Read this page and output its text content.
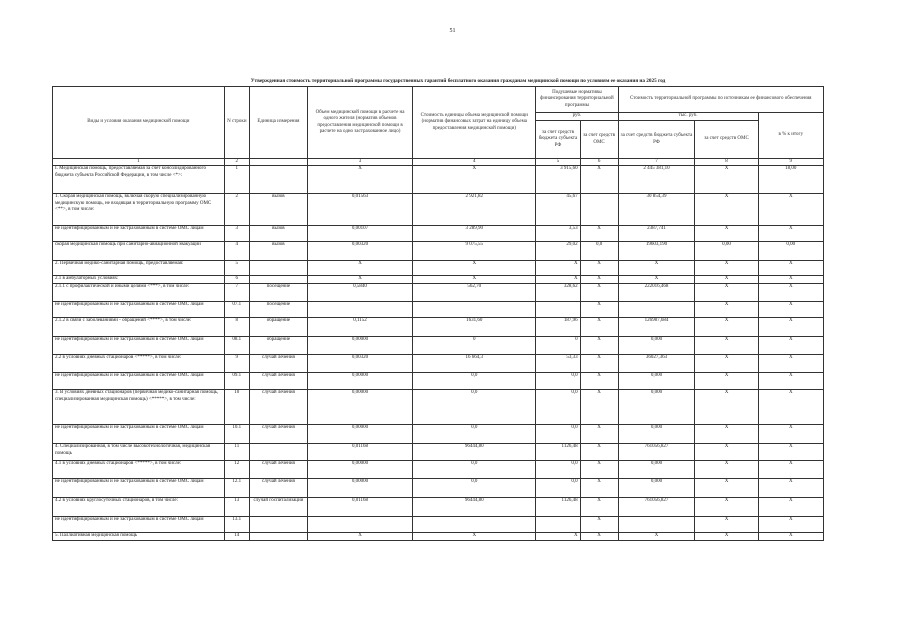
51
Утвержденная стоимость территориальной программы государственных гарантий бесплатного оказания гражданам медицинской помощи по условиям ее оказания на 2025 год
Виды и условия оказания медицинской помощи	N строки	Единица измерения	Объем медицинской помощи в расчете на одного жителя (норматив объемов предоставления медицинской помощи в расчете на одно застрахованное лицо)	Стоимость единицы объема медицинской помощи (норматив финансовых затрат на единицу объема предоставления медицинской помощи)	Подушевые нормативы финансирования территориальной программы		Стоимость территориальной программы по источникам ее финансового обеспечения		
					руб.		тыс. руб.		в % к итогу
					за счет средств бюджета субъекта РФ	за счет средств ОМС	за счет средств бюджета субъекта РФ	за счет средств ОМС	
1	2		3	4	5	6	7	8	9
I. Медицинская помощь, предоставляемая за счет консолидированного бюджета субъекта Российской Федерации, в том числе <*>:	1		X	X	3 915,60	X	2 445 381,10	X	18,00
1. Скорая медицинская помощь, включая скорую специализированную медицинскую помощь, не входящая в территориальную программу ОМС <**>, в том числе:	2	вызов	0,01563	2 921,82	45,67		30 854,39	X	X
не идентифицированным и не застрахованным в системе ОМС лицам	3	вызов	0,00107	3 289,90	3,53	X	2387,741	X	X
скорая медицинская помощь при санитарно-авиационной эвакуации	4	вызов	0,00320	9 075,55	29,02	0,0	19603,190	0,00	0,00
2. Первичная медико-санитарная помощь, предоставляемая:	5		X	X	X	X	X	X	X
2.1 в амбулаторных условиях:	6		X	X	X	X	X	X	X
2.1.1 с профилактической и иными целями <***>, в том числе:	7	посещение	0,5840	562,70	328,62	X	222016,468	X	X
не идентифицированным и не застрахованным в системе ОМС лицам	07.1	посещение				X		X	X
2.1.2 в связи с заболеваниями - обращений <****>, в том числе:	8	обращение	0,1152	1631,60	187,96	X	126987,684	X	X
не идентифицированным и не застрахованным в системе ОМС лицам	08.1	обращение	0,00000	0	0	X	0,000	X	X
2.2 в условиях дневных стационаров <*****>, в том числе:	9	случай лечения	0,00320	16 664,3	53,33	X	36027,363	X	X
не идентифицированным и не застрахованным в системе ОМС лицам	09.1	случай лечения	0,00000	0,0	0,0	X	0,000	X	X
3. В условиях дневных стационаров (первичная медико-санитарная помощь, специализированная медицинская помощь) <*****>, в том числе:	10	случай лечения	0,00000	0,0	0,0	X	0,000	X	X
не идентифицированным и не застрахованным в системе ОМС лицам	10.1	случай лечения	0,00000	0,0	0,0	X	0,000	X	X
4. Специализированная, в том числе высокотехнологичная, медицинская помощь	11		0,01168	96444,80	1126,48	X	761056,827	X	X
4.1 в условиях дневных стационаров <*****>, в том числе:	12	случай лечения	0,00000	0,0	0,0	X	0,000	X	X
не идентифицированным и не застрахованным в системе ОМС лицам	12.1	случай лечения	0,00000	0,0	0,0	X	0,000	X	X
4.2 в условиях круглосуточных стационаров, в том числе:	13	случай госпитализации	0,01168	96444,80	1126,48	X	761056,827	X	X
не идентифицированным и не застрахованным в системе ОМС лицам	13.1					X		X	X
5. Паллиативная медицинская помощь	14		X	X	X	X	X	X	X
